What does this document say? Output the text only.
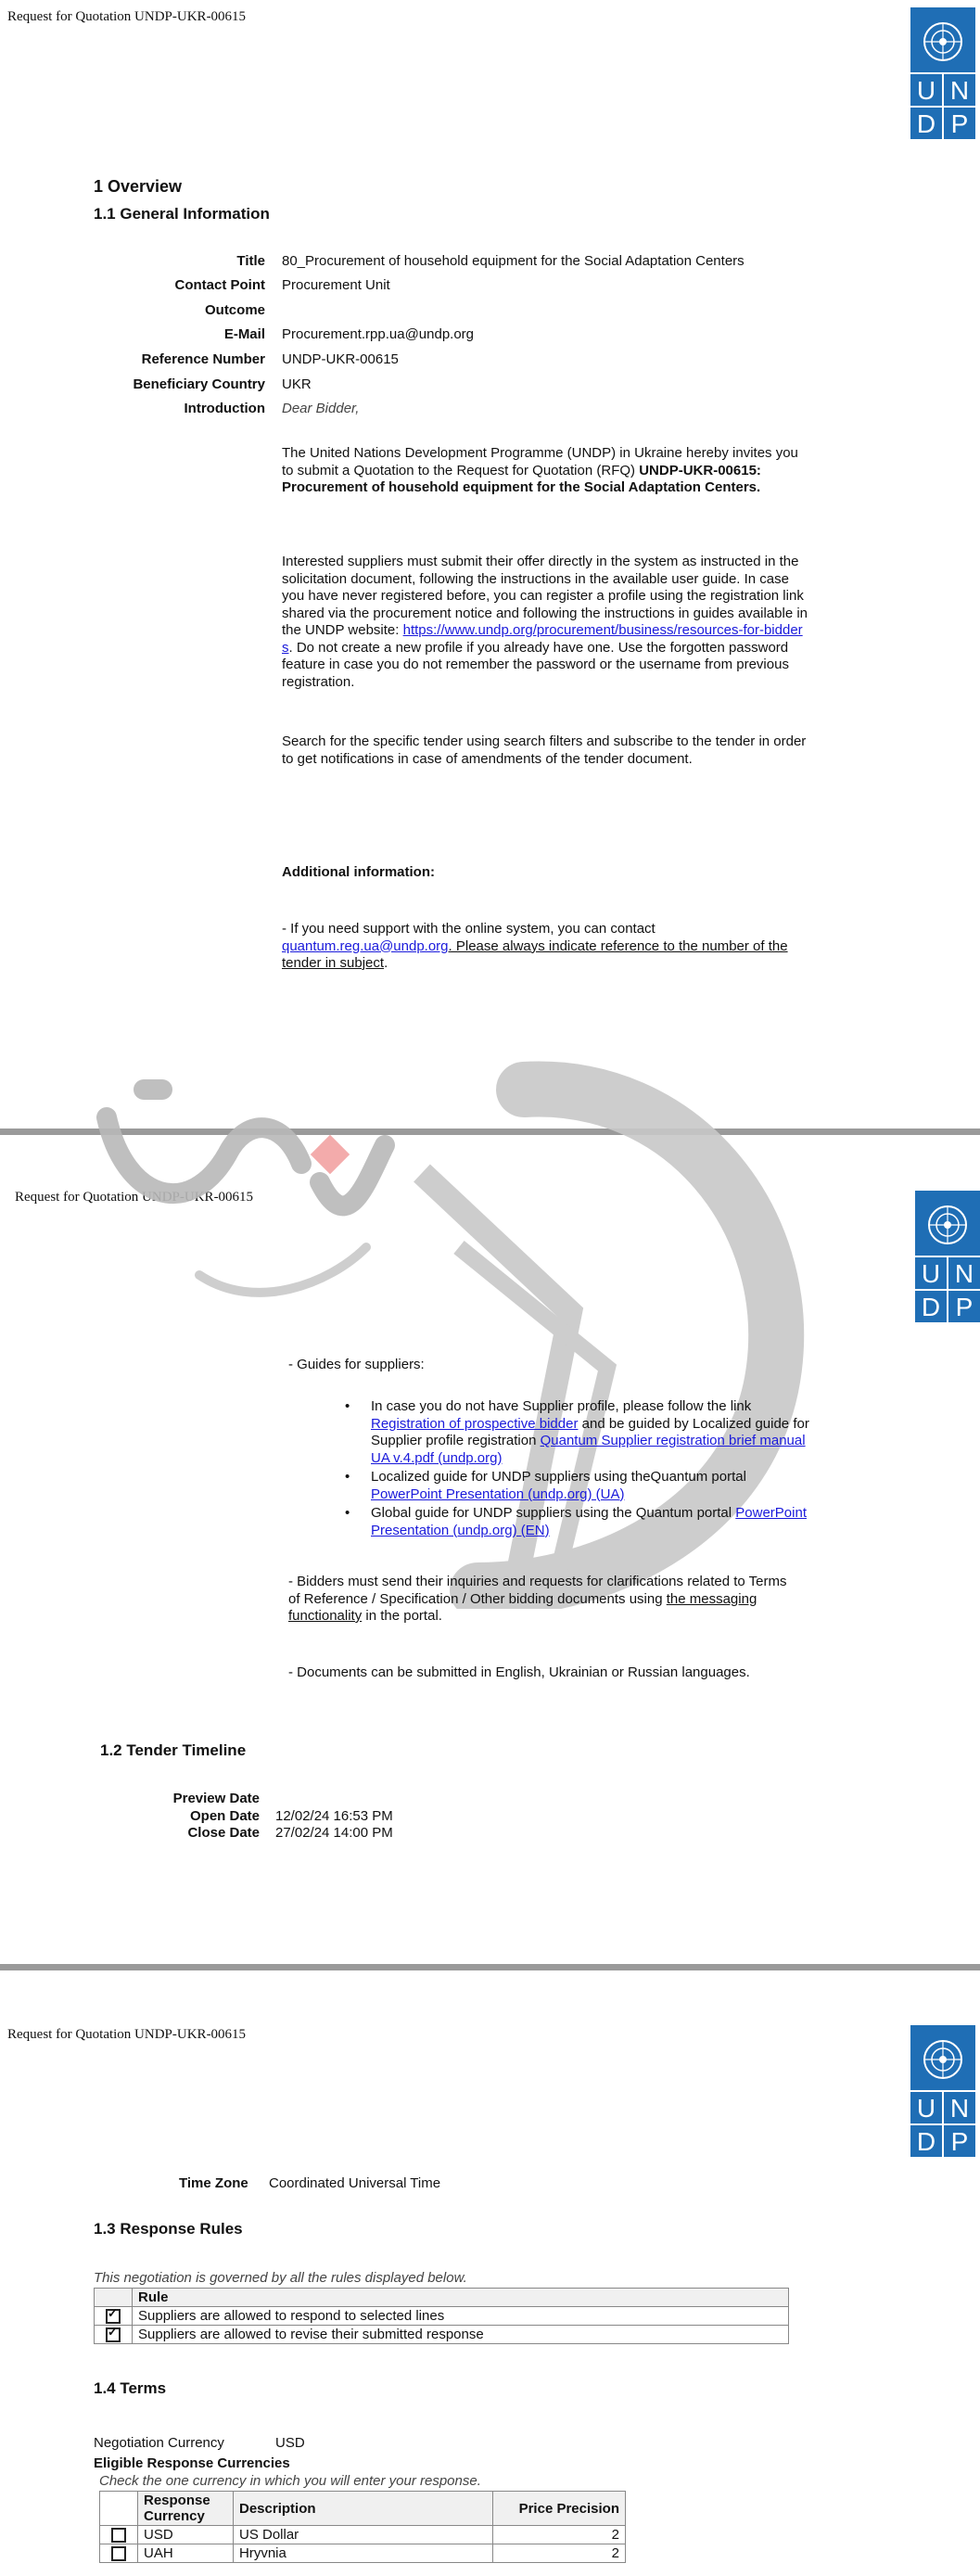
Request for Quotation UNDP-UKR-00615
U N
D P
1 Overview
1.1 General Information
Title 80_Procurement of household equipment for the Social Adaptation Centers
Contact Point Procurement Unit
Outcome
E-Mail Procurement.rpp.ua@undp.org
Reference Number UNDP-UKR-00615
Beneficiary Country UKR
Introduction Dear Bidder,
The United Nations Development Programme (UNDP) in Ukraine hereby invites you to submit a Quotation to the Request for Quotation (RFQ) UNDP-UKR-00615: Procurement of household equipment for the Social Adaptation Centers.
Interested suppliers must submit their offer directly in the system as instructed in the solicitation document, following the instructions in the available user guide. In case you have never registered before, you can register a profile using the registration link shared via the procurement notice and following the instructions in guides available in the UNDP website: https://www.undp.org/procurement/business/resources-for-bidders. Do not create a new profile if you already have one. Use the forgotten password feature in case you do not remember the password or the username from previous registration.
Search for the specific tender using search filters and subscribe to the tender in order to get notifications in case of amendments of the tender document.
Additional information:
- If you need support with the online system, you can contact quantum.reg.ua@undp.org. Please always indicate reference to the number of the tender in subject.
Request for Quotation UNDP-UKR-00615
U N
D P
- Guides for suppliers:
• In case you do not have Supplier profile, please follow the link Registration of prospective bidder and be guided by Localized guide for Supplier profile registration Quantum Supplier registration brief manual UA v.4.pdf (undp.org)
• Localized guide for UNDP suppliers using theQuantum portal PowerPoint Presentation (undp.org) (UA)
• Global guide for UNDP suppliers using the Quantum portal PowerPoint Presentation (undp.org) (EN)
- Bidders must send their inquiries and requests for clarifications related to Terms of Reference / Specification / Other bidding documents using the messaging functionality in the portal.
- Documents can be submitted in English, Ukrainian or Russian languages.
1.2 Tender Timeline
Preview Date
Open Date 12/02/24 16:53 PM
Close Date 27/02/24 14:00 PM
Request for Quotation UNDP-UKR-00615
U N
D P
Time Zone Coordinated Universal Time
1.3 Response Rules
This negotiation is governed by all the rules displayed below.
	Rule
✓	Suppliers are allowed to respond to selected lines
✓	Suppliers are allowed to revise their submitted response
1.4 Terms
Negotiation Currency	USD
Eligible Response Currencies
Check the one currency in which you will enter your response.
	Response Currency	Description	Price Precision
	USD	US Dollar	2
	UAH	Hryvnia	2
